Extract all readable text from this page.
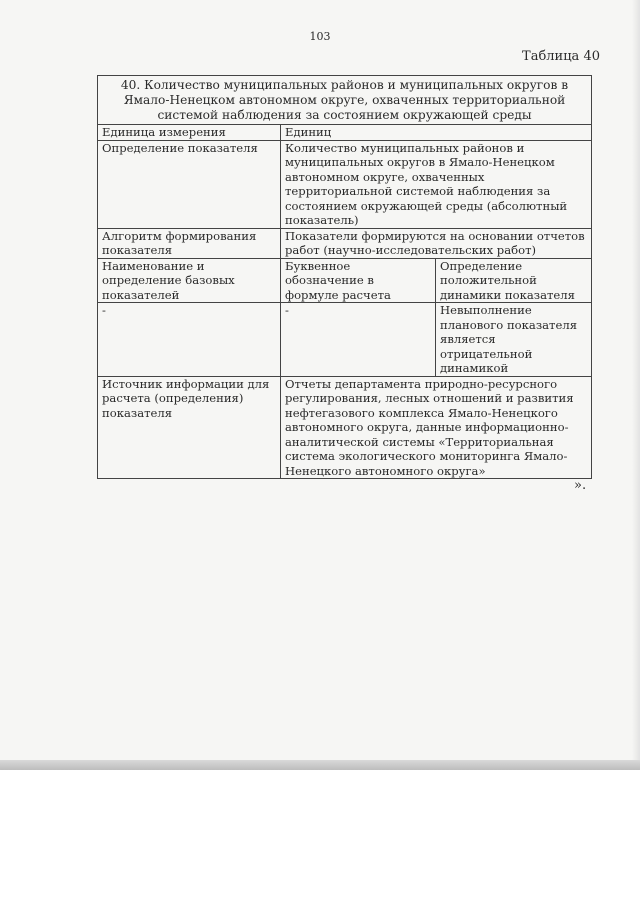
103
Таблица 40
40. Количество муниципальных районов и муниципальных округов в Ямало-Ненецком автономном округе, охваченных территориальной системой наблюдения за состоянием окружающей среды		
Единица измерения	Единиц	
Определение показателя	Количество муниципальных районов и муниципальных округов в Ямало-Ненецком автономном округе, охваченных территориальной системой наблюдения за состоянием окружающей среды (абсолютный показатель)	
Алгоритм формирования показателя	Показатели формируются на основании отчетов работ (научно-исследовательских работ)	
Наименование и определение базовых показателей	Буквенное обозначение в формуле расчета	Определение положительной динамики показателя
-	-	Невыполнение планового показателя является отрицательной динамикой
Источник информации для расчета (определения) показателя	Отчеты департамента природно-ресурсного регулирования, лесных отношений и развития нефтегазового комплекса Ямало-Ненецкого автономного округа, данные информационно-аналитической системы «Территориальная система экологического мониторинга Ямало-Ненецкого автономного округа»	
».
